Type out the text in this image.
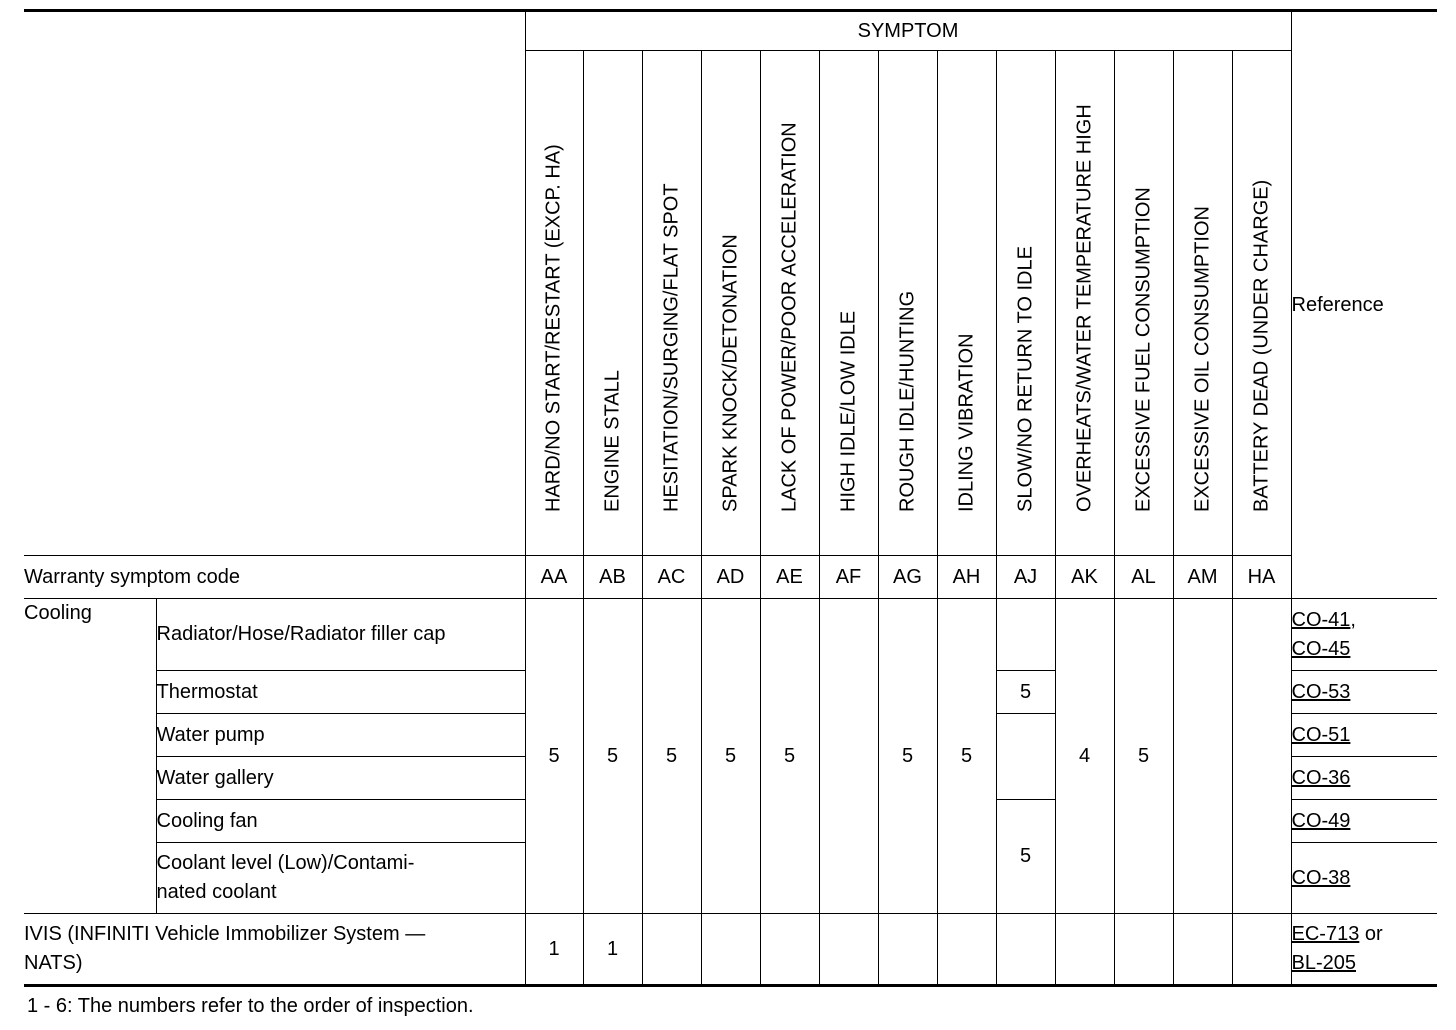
		SYMPTOM													Reference

		HARD/NO START/RESTART (EXCP. HA)	ENGINE STALL	HESITATION/SURGING/FLAT SPOT	SPARK KNOCK/DETONATION	LACK OF POWER/POOR ACCELERATION	HIGH IDLE/LOW IDLE	ROUGH IDLE/HUNTING	IDLING VIBRATION	SLOW/NO RETURN TO IDLE	OVERHEATS/WATER TEMPERATURE HIGH	EXCESSIVE FUEL CONSUMPTION	EXCESSIVE OIL CONSUMPTION	BATTERY DEAD (UNDER CHARGE)	

Warranty symptom code		AA	AB	AC	AD	AE	AF	AG	AH	AJ	AK	AL	AM	HA	
Cooling	Radiator/Hose/Radiator filler cap	5	5	5	5	5		5	5		4	5			CO-41,
CO-45
	Thermostat									5					CO-53
	Water pump														CO-51
	Water gallery														CO-36
	Cooling fan									5					CO-49
	Coolant level (Low)/Contami-
nated coolant														CO-38
IVIS (INFINITI Vehicle Immobilizer System —
NATS)		1	1												EC-713 or
BL-205
1 - 6: The numbers refer to the order of inspection.
